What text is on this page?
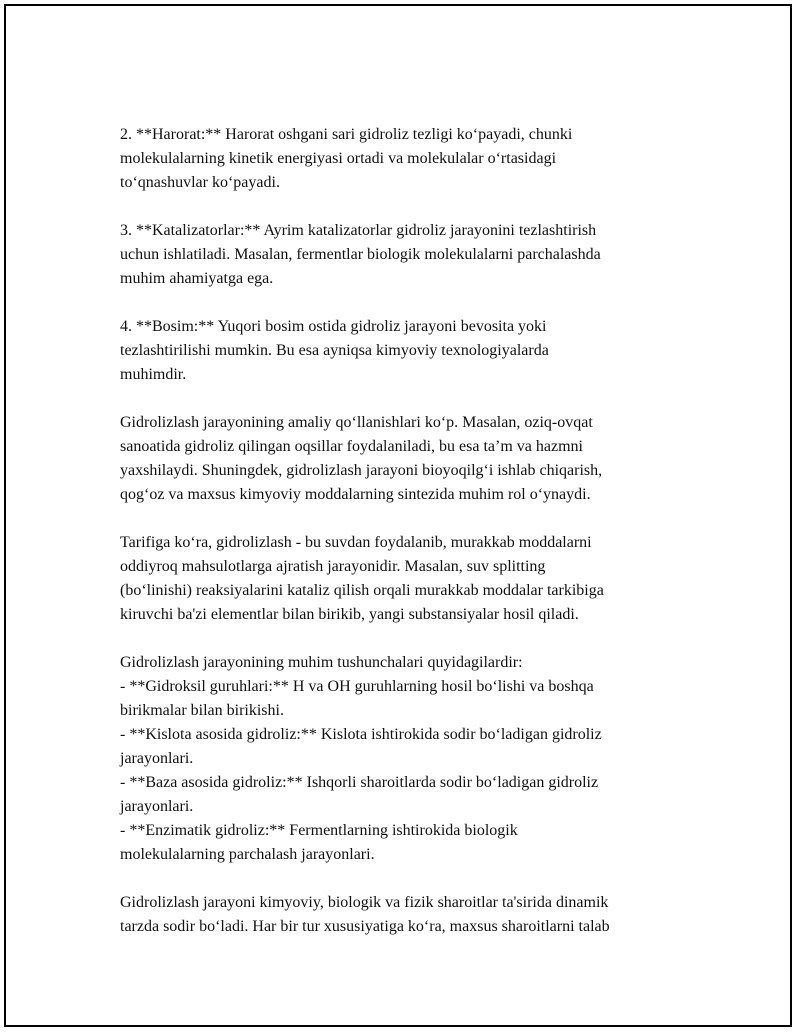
2. **Harorat:** Harorat oshgani sari gidroliz tezligi ko‘payadi, chunki
molekulalarning kinetik energiyasi ortadi va molekulalar o‘rtasidagi
to‘qnashuvlar ko‘payadi.

3. **Katalizatorlar:** Ayrim katalizatorlar gidroliz jarayonini tezlashtirish
uchun ishlatiladi. Masalan, fermentlar biologik molekulalarni parchalashda
muhim ahamiyatga ega.

4. **Bosim:** Yuqori bosim ostida gidroliz jarayoni bevosita yoki
tezlashtirilishi mumkin. Bu esa ayniqsa kimyoviy texnologiyalarda
muhimdir.

Gidrolizlash jarayonining amaliy qo‘llanishlari ko‘p. Masalan, oziq-ovqat
sanoatida gidroliz qilingan oqsillar foydalaniladi, bu esa ta’m va hazmni
yaxshilaydi. Shuningdek, gidrolizlash jarayoni bioyoqilg‘i ishlab chiqarish,
qog‘oz va maxsus kimyoviy moddalarning sintezida muhim rol o‘ynaydi.

Tarifiga ko‘ra, gidrolizlash - bu suvdan foydalanib, murakkab moddalarni
oddiyroq mahsulotlarga ajratish jarayonidir. Masalan, suv splitting
(bo‘linishi) reaksiyalarini kataliz qilish orqali murakkab moddalar tarkibiga
kiruvchi ba'zi elementlar bilan birikib, yangi substansiyalar hosil qiladi.

Gidrolizlash jarayonining muhim tushunchalari quyidagilardir:
- **Gidroksil guruhlari:** H va OH guruhlarning hosil bo‘lishi va boshqa
birikmalar bilan birikishi.
- **Kislota asosida gidroliz:** Kislota ishtirokida sodir bo‘ladigan gidroliz
jarayonlari.
- **Baza asosida gidroliz:** Ishqorli sharoitlarda sodir bo‘ladigan gidroliz
jarayonlari.
- **Enzimatik gidroliz:** Fermentlarning ishtirokida biologik
molekulalarning parchalash jarayonlari.

Gidrolizlash jarayoni kimyoviy, biologik va fizik sharoitlar ta'sirida dinamik
tarzda sodir bo‘ladi. Har bir tur xususiyatiga ko‘ra, maxsus sharoitlarni talab
